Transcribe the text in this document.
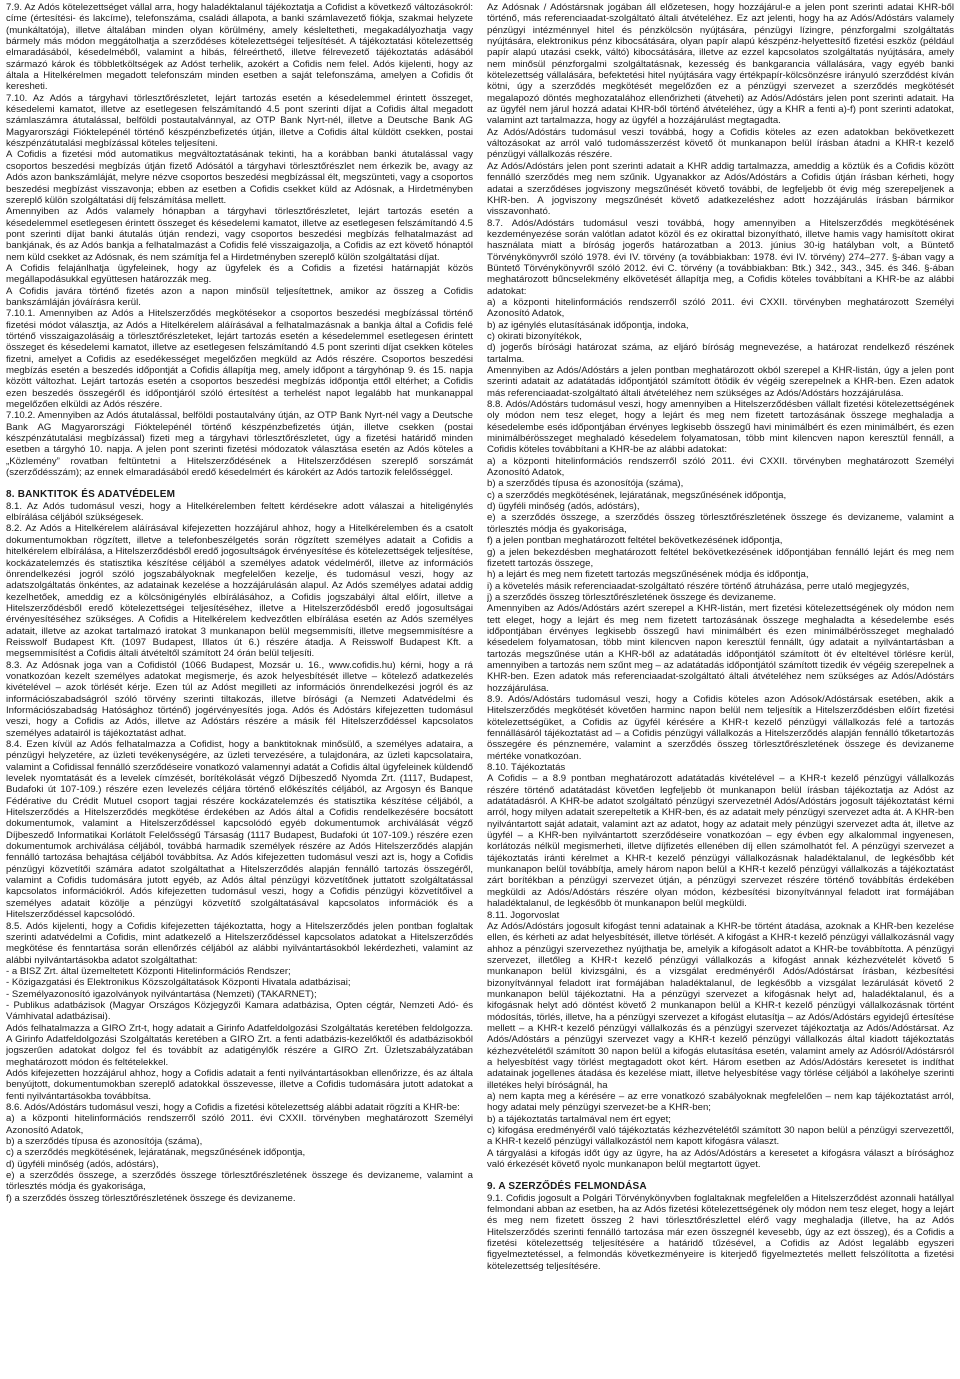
7.9. Az Adós kötelezettséget vállal arra, hogy haladéktalanul tájékoztatja a Cofidist a következő változásokról: címe (értesítési- és lakcíme), telefonszáma, családi állapota, a banki számlavezető fiókja, szakmai helyzete (munkáltatója), illetve általában minden olyan körülmény, amely késleltetheti, megakadályozhatja vagy bármely más módon meggátolhatja a szerződéses kötelezettségei teljesítését. A tájékoztatási kötelezettség elmaradásából, késedelméből, valamint a hibás, félreérthető, illetve félrevezető tájékoztatás adásából származó károk és többletköltségek az Adóst terhelik, azokért a Cofidis nem felel. Adós kijelenti, hogy az általa a Hitelkérelmen megadott telefonszám minden esetben a saját telefonszáma, amelyen a Cofidis őt keresheti.

7.10. Az Adós a tárgyhavi törlesztőrészletet, lejárt tartozás esetén a késedelemmel érintett összeget, késedelemi kamatot, illetve az esetlegesen felszámítandó 4.5 pont szerinti díjat a Cofidis által megadott számlaszámra átutalással, belföldi postautalvánnyal, az OTP Bank Nyrt-nél, illetve a Deutsche Bank AG Magyarországi Fióktelepénél történő készpénzbefizetés útján, illetve a Cofidis által küldött csekken, postai készpénzátutalási megbízással köteles teljesíteni.
A Cofidis a fizetési mód automatikus megváltoztatásának tekinti, ha a korábban banki átutalással vagy csoportos beszedési megbízás útján fizető Adósától a tárgyhavi törlesztőrészlet nem érkezik be, avagy az Adós azon bankszámláját, melyre nézve csoportos beszedési megbízással élt, megszünteti, vagy a csoportos beszedési megbízást visszavonja; ebben az esetben a Cofidis csekket küld az Adósnak, a Hirdetményben szereplő külön szolgáltatási díj felszámítása mellett.
Amennyiben az Adós valamely hónapban a tárgyhavi törlesztőrészletet, lejárt tartozás esetén a késedelemmel esetlegesen érintett összeget és késedelemi kamatot, illetve az esetlegesen felszámítandó 4.5 pont szerinti díjat banki átutalás útján rendezi, vagy csoportos beszedési megbízás felhatalmazást ad bankjának, és az Adós bankja a felhatalmazást a Cofidis felé visszaigazolja, a Cofidis az ezt követő hónaptól nem küld csekket az Adósnak, és nem számítja fel a Hirdetményben szereplő külön szolgáltatási díjat.
A Cofidis felajánlhatja ügyfeleinek, hogy az ügyfelek és a Cofidis a fizetési határnapját közös megállapodásukkal együttesen határozzák meg.
A Cofidis javára történő fizetés azon a napon minősül teljesítettnek, amikor az összeg a Cofidis bankszámláján jóváírásra kerül.

7.10.1. Amennyiben az Adós a Hitelszerződés megkötésekor a csoportos beszedési megbízással történő fizetési módot választja, az Adós a Hitelkérelem aláírásával a felhatalmazásnak a bankja által a Cofidis felé történő visszaigazolásáig a törlesztőrészleteket, lejárt tartozás esetén a késedelemmel esetlegesen érintett összeget és késedelemi kamatot, illetve az esetlegesen felszámítandó 4.5 pont szerinti díjat csekken köteles fizetni, amelyet a Cofidis az esedékességet megelőzően megküld az Adós részére. Csoportos beszedési megbízás esetén a beszedés időpontját a Cofidis állapítja meg, amely időpont a tárgyhónap 9. és 15. napja között változhat. Lejárt tartozás esetén a csoportos beszedési megbízás időpontja ettől eltérhet; a Cofidis ezen beszedés összegéről és időpontjáról szóló értesítést a terhelést napot legalább hat munkanappal megelőzően elküldi az Adós részére.

7.10.2. Amennyiben az Adós átutalással, belföldi postautalvány útján, az OTP Bank Nyrt-nél vagy a Deutsche Bank AG Magyarországi Fióktelepénél történő készpénzbefizetés útján, illetve csekken (postai készpénzátutalási megbízással) fizeti meg a tárgyhavi törlesztőrészletet, úgy a fizetési határidő minden esetben a tárgyhó 10. napja. A jelen pont szerinti fizetési módozatok választása esetén az Adós köteles a „Közlemény” rovatban feltüntetni a Hitelszerződésének a Hitelszerződésen szereplő sorszámát (szerződésszám); az ennek elmaradásából eredő késedelmért és károkért az Adós tartozik felelősséggel.

8. BANKTITOK ÉS ADATVÉDELEM

8.1. Az Adós tudomásul veszi, hogy a Hitelkérelemben feltett kérdésekre adott válaszai a hiteligénylés elbírálása céljából szükségesek.

8.2. Az Adós a Hitelkérelem aláírásával kifejezetten hozzájárul ahhoz, hogy a Hitelkérelemben és a csatolt dokumentumokban rögzített, illetve a telefonbeszélgetés során rögzített személyes adatait a Cofidis a hitelkérelem elbírálása, a Hitelszerződésből eredő jogosultságok érvényesítése és kötelezettségek teljesítése, kockázatelemzés és statisztika készítése céljából a személyes adatok védelméről, illetve az információs önrendelkezési jogról szóló jogszabályoknak megfelelően kezelje, és tudomásul veszi, hogy az adatszolgáltatás önkéntes, az adatainak kezelése a hozzájárulásán alapul. Az Adós személyes adatai addig kezelhetőek, ameddig ez a kölcsönigénylés elbírálásához, a Cofidis jogszabályi által előírt, illetve a Hitelszerződésből eredő kötelezettségei teljesítéséhez, illetve a Hitelszerződésből eredő jogosultságai érvényesítéséhez szükséges. A Cofidis a Hitelkérelem kedvezőtlen elbírálása esetén az Adós személyes adatait, illetve az azokat tartalmazó iratokat 3 munkanapon belül megsemmisíti, illetve megsemmisítésre a Reisswolf Budapest Kft. (1097 Budapest, Illatos út 6.) részére átadja. A Reisswolf Budapest Kft. a megsemmisítést a Cofidis általi átvételtől számított 24 órán belül teljesíti.

8.3. Az Adósnak joga van a Cofidistól (1066 Budapest, Mozsár u. 16., www.cofidis.hu) kérni, hogy a rá vonatkozóan kezelt személyes adatokat megismerje, és azok helyesbítését illetve – kötelező adatkezelés kivételével – azok törlését kérje. Ezen túl az Adóst megilleti az információs önrendelkezési jogról és az információszabadságról szóló törvény szerinti tiltakozás, illetve bírósági (a Nemzeti Adatvédelmi és Információszabadság Hatósághoz történő) jogérvényesítés joga. Adós és Adóstárs kifejezetten tudomásul veszi, hogy a Cofidis az Adós, illetve az Adóstárs részére a másik fél Hitelszerződéssel kapcsolatos személyes adatairól is tájékoztatást adhat.

8.4. Ezen kívül az Adós felhatalmazza a Cofidist, hogy a banktitoknak minősülő, a személyes adataira, a pénzügyi helyzetére, az üzleti tevékenységére, az üzleti tervezésére, a tulajdonára, az üzleti kapcsolataira, valamint a Cofidissal fennálló szerződéseire vonatkozó valamennyi adatát a Cofidis által ügyfeleinek küldendő levelek nyomtatását és a levelek címzését, borítékolását végző Díjbeszedő Nyomda Zrt. (1117, Budapest, Budafoki út 107-109.) részére ezen levelezés céljára történő előkészítés céljából, az Argosyn és Banque Fédérative du Crédit Mutuel csoport tagjai részére kockázatelemzés és statisztika készítése céljából, a Hitelszerződés a Hitelszerződés megkötése érdekében az Adós által a Cofidis rendelkezésére bocsátott dokumentumok, valamint a Hitelszerződéssel kapcsolódó egyéb dokumentumok archiválását végző Díjbeszedő Informatikai Korlátolt Felelősségű Társaság (1117 Budapest, Budafoki út 107-109.) részére ezen dokumentumok archiválása céljából, továbbá harmadik személyek részére az Adós Hitelszerződés alapján fennálló tartozása behajtása céljából továbbítsa. Az Adós kifejezetten tudomásul veszi azt is, hogy a Cofidis pénzügyi közvetítői számára adatot szolgáltathat a Hitelszerződés alapján fennálló tartozás összegéről, valamint a Cofidis tudomására jutott egyéb, az Adós által pénzügyi közvetítőnek juttatott szolgáltatással kapcsolatos információkról. Adós kifejezetten tudomásul veszi, hogy a Cofidis pénzügyi közvetítőivel a személyes adatait közölje a pénzügyi közvetítő szolgáltatásával kapcsolatos információk és a Hitelszerződéssel kapcsolódó.

8.5. Adós kijelenti, hogy a Cofidis kifejezetten tájékoztatta, hogy a Hitelszerződés jelen pontban foglaltak szerinti adatvédelmi a Cofidis, mint adatkezelő a Hitelszerződéssel kapcsolatos adatokat a Hitelszerződés megkötése és fenntartása során ellenőrzés céljából az alábbi nyilvántartásokból lekérdezheti, valamint az alábbi nyilvántartásokba adatot szolgáltathat:
- a BISZ Zrt. által üzemeltetett Központi Hitelinformációs Rendszer;
- Közigazgatási és Elektronikus Közszolgáltatások Központi Hivatala adatbázisai;
- Személyazonosító igazolványok nyilvántartása (Nemzeti) (TAKARNET);
- Publikus adatbázisok (Magyar Országos Közjegyzői Kamara adatbázisa, Opten cégtár, Nemzeti Adó- és Vámhivatal adatbázisai).
Adós felhatalmazza a GIRO Zrt-t, hogy adatait a Girinfo Adatfeldolgozási Szolgáltatás keretében feldolgozza. A Girinfo Adatfeldolgozási Szolgáltatás keretében a GIRO Zrt. a fenti adatbázis-kezelőktől és adatbázisokból jogszerűen adatokat dolgoz fel és továbbít az adatigénylők részére a GIRO Zrt. Üzletszabályzatában meghatározott módon és feltételekkel.
Adós kifejezetten hozzájárul ahhoz, hogy a Cofidis adatait a fenti nyilvántartásokban ellenőrizze, és az általa benyújtott, dokumentumokban szereplő adatokkal összevesse, illetve a Cofidis tudomására jutott adatokat a fenti nyilvántartásokba továbbítsa.

8.6. Adós/Adóstárs tudomásul veszi, hogy a Cofidis a fizetési kötelezettség alábbi adatait rögzíti a KHR-be:
a) a központi hitelinformációs rendszerről szóló 2011. évi CXXII. törvényben meghatározott Személyi Azonosító Adatok,
b) a szerződés típusa és azonosítója (száma),
c) a szerződés megkötésének, lejáratának, megszűnésének időpontja,
d) ügyféli minőség (adós, adóstárs),
e) a szerződés összege, a szerződés összege törlesztőrészletének összege és devizaneme, valamint a törlesztés módja és gyakorisága,
f) a szerződés összeg törlesztőrészletének összege és devizaneme.

Az Adósnak / Adóstársnak jogában áll előzetesen, hogy hozzájárul-e a jelen pont szerinti adatai KHR-ből történő, más referenciaadat-szolgáltató általi átvételéhez. Ez azt jelenti, hogy ha az Adós/Adóstárs valamely pénzügyi intézménnyel hitel és pénzkölcsön nyújtására, pénzügyi lízingre, pénzforgalmi szolgáltatás nyújtására, elektronikus pénz kibocsátására, olyan papír alapú készpénz-helyettesítő fizetési eszköz (például papír alapú utazási csekk, váltó) kibocsátására, illetve az ezzel kapcsolatos szolgáltatás nyújtására, amely nem minősül pénzforgalmi szolgáltatásnak, kezesség és bankgarancia vállalására, vagy egyéb banki kötelezettség vállalására, befektetési hitel nyújtására vagy értékpapír-kölcsönzésre irányuló szerződést kíván kötni, úgy a szerződés megkötését megelőzően ez a pénzügyi szervezet a szerződés megkötését megalapozó döntés meghozatalához ellenőrizheti (átveheti) az Adós/Adóstárs jelen pont szerinti adatait. Ha az ügyfél nem járul hozzá adatai KHR-ből történő átvételéhez, úgy a KHR a fenti a)-f) pont szerinti adatokat, valamint azt tartalmazza, hogy az ügyfél a hozzájárulást megtagadta.
Az Adós/Adóstárs tudomásul veszi továbbá, hogy a Cofidis köteles az ezen adatokban bekövetkezett változásokat az arról való tudomásszerzést követő öt munkanapon belül írásban átadni a KHR-t kezelő pénzügyi vállalkozás részére.
Az Adós/Adóstárs jelen pont szerinti adatait a KHR addig tartalmazza, ameddig a köztük és a Cofidis között fennálló szerződés meg nem szűnik. Ugyanakkor az Adós/Adóstárs a Cofidis útján írásban kérheti, hogy adatai a szerződéses jogviszony megszűnését követő további, de legfeljebb öt évig még szerepeljenek a KHR-ben. A jogviszony megszűnését követő adatkezeléshez adott hozzájárulás írásban bármikor visszavonható.

8.7. Adós/Adóstárs tudomásul veszi továbbá, hogy amennyiben a Hitelszerződés megkötésének kezdeményezése során valótlan adatot közöl és ez okirattal bizonyítható, illetve hamis vagy hamisított okirat használata miatt a bíróság jogerős határozatban a 2013. június 30-ig hatályban volt, a Büntető Törvénykönyvről szóló 1978. évi IV. törvény (a továbbiakban: 1978. évi IV. törvény) 274–277. §-ában vagy a Büntető Törvénykönyvről szóló 2012. évi C. törvény (a továbbiakban: Btk.) 342., 343., 345. és 346. §-ában meghatározott bűncselekmény elkövetését állapítja meg, a Cofidis köteles továbbítani a KHR-be az alábbi adatokat:
a) a központi hitelinformációs rendszerről szóló 2011. évi CXXII. törvényben meghatározott Személyi Azonosító Adatok,
b) az igénylés elutasításának időpontja, indoka,
c) okirati bizonyítékok,
d) jogerős bírósági határozat száma, az eljáró bíróság megnevezése, a határozat rendelkező részének tartalma.
Amennyiben az Adós/Adóstárs a jelen pontban meghatározott okból szerepel a KHR-listán, úgy a jelen pont szerinti adatait az adatátadás időpontjától számított ötödik év végéig szerepelnek a KHR-ben. Ezen adatok más referenciaadat-szolgáltató általi átvételéhez nem szükséges az Adós/Adóstárs hozzájárulása.

8.8. Adós/Adóstárs tudomásul veszi, hogy amennyiben a Hitelszerződésben vállalt fizetési kötelezettségének oly módon nem tesz eleget, hogy a lejárt és meg nem fizetett tartozásának összege meghaladja a késedelembe esés időpontjában érvényes legkisebb összegű havi minimálbért és ezen minimálbért, és ezen minimálbérösszeget meghaladó késedelem folyamatosan, több mint kilencven napon keresztül fennáll, a Cofidis köteles továbbítani a KHR-be az alábbi adatokat:
a) a központi hitelinformációs rendszerről szóló 2011. évi CXXII. törvényben meghatározott Személyi Azonosító Adatok,
b) a szerződés típusa és azonosítója (száma),
c) a szerződés megkötésének, lejáratának, megszűnésének időpontja,
d) ügyféli minőség (adós, adóstárs),
e) a szerződés összege, a szerződés összeg törlesztőrészletének összege és devizaneme, valamint a törlesztés módja és gyakorisága,
f) a jelen pontban meghatározott feltétel bekövetkezésének időpontja,
g) a jelen bekezdésben meghatározott feltétel bekövetkezésének időpontjában fennálló lejárt és meg nem fizetett tartozás összege,
h) a lejárt és meg nem fizetett tartozás megszűnésének módja és időpontja,
i) a követelés másik referenciaadat-szolgáltató részére történő átruházása, perre utaló megjegyzés,
j) a szerződés összeg törlesztőrészletének összege és devizaneme.
Amennyiben az Adós/Adóstárs azért szerepel a KHR-listán, mert fizetési kötelezettségének oly módon nem tett eleget, hogy a lejárt és meg nem fizetett tartozásának összege meghaladta a késedelembe esés időpontjában érvényes legkisebb összegű havi minimálbért és ezen minimálbérösszeget meghaladó késedelem folyamatosan, több mint kilencven napon keresztül fennállt, úgy adatait a nyilvántartásban a tartozás megszűnése után a KHR-ből az adatátadás időpontjától számított öt év elteltével törlésre kerül, amennyiben a tartozás nem szűnt meg – az adatátadás időpontjától számított tizedik év végéig szerepelnek a KHR-ben. Ezen adatok más referenciaadat-szolgáltató általi átvételéhez nem szükséges az Adós/Adóstárs hozzájárulása.

8.9. Adós/Adóstárs tudomásul veszi, hogy a Cofidis köteles azon Adósok/Adóstársak esetében, akik a Hitelszerződés megkötését követően harminc napon belül nem teljesítik a Hitelszerződésben előírt fizetési kötelezettségüket, a Cofidis az ügyfél kérésére a KHR-t kezelő pénzügyi vállalkozás felé a tartozás fennállásáról tájékoztatást ad – a Cofidis pénzügyi vállalkozás a Hitelszerződés alapján fennálló tőketartozás összegére és pénznemére, valamint a szerződés összeg törlesztőrészletének összege és devizaneme mértéke vonatkozóan.

8.10. Tájékoztatás
A Cofidis – a 8.9 pontban meghatározott adatátadás kivételével – a KHR-t kezelő pénzügyi vállalkozás részére történő adatátadást követően legfeljebb öt munkanapon belül írásban tájékoztatja az Adóst az adatátadásról. A KHR-be adatot szolgáltató pénzügyi szervezetnél Adós/Adóstárs jogosult tájékoztatást kérni arról, hogy milyen adatait szerepeltetik a KHR-ben, és az adatait mely pénzügyi szervezet adta át. A KHR-ben nyilvántartott saját adatait, valamint azt az adatot, hogy az adatait mely pénzügyi szervezet adta át, illetve az ügyfél – a KHR-ben nyilvántartott szerződéseire vonatkozóan – egy évben egy alkalommal ingyenesen, korlátozás nélkül megismerheti, illetve díjfizetés ellenében díj ellen számolhatót fel. A pénzügyi szervezet a tájékoztatás iránti kérelmet a KHR-t kezelő pénzügyi vállalkozásnak haladéktalanul, de legkésőbb két munkanapon belül továbbítja, amely három napon belül a KHR-t kezelő pénzügyi vállalkozás a tájékoztatást zárt borítékban a pénzügyi szervezet útján, a pénzügyi szervezet részére történő továbbítás érdekében megküldi az Adós/Adóstárs részére olyan módon, kézbesítési bizonyítvánnyal feladott irat formájában haladéktalanul, de legkésőbb öt munkanapon belül megküldi.

8.11. Jogorvoslat
Az Adós/Adóstárs jogosult kifogást tenni adatainak a KHR-be történt átadása, azoknak a KHR-ben kezelése ellen, és kérheti az adat helyesbítését, illetve törlését. A kifogást a KHR-t kezelő pénzügyi vállalkozásnál vagy ahhoz a pénzügyi szervezethez nyújthatja be, amelyik a kifogásolt adatot a KHR-be továbbította. A pénzügyi szervezet, illetőleg a KHR-t kezelő pénzügyi vállalkozás a kifogást annak kézhezvételét követő 5 munkanapon belül kivizsgálni, és a vizsgálat eredményéről Adós/Adóstársat írásban, kézbesítési bizonyítvánnyal feladott irat formájában haladéktalanul, de legkésőbb a vizsgálat lezárulását követő 2 munkanapon belül tájékoztatni. Ha a pénzügyi szervezet a kifogásnak helyt ad, haladéktalanul, és a kifogásnak helyt adó döntést követő 2 munkanapon belül a KHR-t kezelő pénzügyi vállalkozásnak történt módosítás, törlés, illetve, ha a pénzügyi szervezet a kifogást elutasítja – az Adós/Adóstárs egyidejű értesítése mellett – a KHR-t kezelő pénzügyi vállalkozás és a pénzügyi szervezet tájékoztatja az Adós/Adóstársat. Az Adós/Adóstárs a pénzügyi szervezet vagy a KHR-t kezelő pénzügyi vállalkozás által kiadott tájékoztatás kézhezvételétől számított 30 napon belül a kifogás elutasítása esetén, valamint amely az Adósról/Adóstársról a helyesbítést vagy törlést megtagadott okot kért. Három esetben az Adós/Adóstárs keresetet is indíthat adatainak jogellenes átadása és kezelése miatt, illetve helyesbítése vagy törlése céljából a lakóhelye szerinti illetékes helyi bíróságnál, ha
a) nem kapta meg a kérésére – az erre vonatkozó szabályoknak megfelelően – nem kap tájékoztatást arról, hogy adatai mely pénzügyi szervezet-be a KHR-ben;
b) a tájékoztatás tartalmával nem ért egyet;
c) kifogása eredményéről való tájékoztatás kézhezvételétől számított 30 napon belül a pénzügyi szervezettől, a KHR-t kezelő pénzügyi vállalkozástól nem kapott kifogásra választ.
A tárgyalási a kifogás időt úgy az ügyre, ha az Adós/Adóstárs a keresetet a kifogásra választ a bírósághoz való érkezését követő nyolc munkanapon belül megtartott ügyet.

9. A SZERZŐDÉS FELMONDÁSA

9.1. Cofidis jogosult a Polgári Törvénykönyvben foglaltaknak megfelelően a Hitelszerződést azonnali hatállyal felmondani abban az esetben, ha az Adós fizetési kötelezettségének oly módon nem tesz eleget, hogy a lejárt és meg nem fizetett összeg 2 havi törlesztőrészlettel elérő vagy meghaladja (illetve, ha az Adós Hitelszerződés szerinti fennálló tartozása már ezen összegnél kevesebb, úgy az ezt összeg), és a Cofidis a fizetési kötelezettség teljesítésére a határidő tűzésével, a Cofidis az Adóst legalább egyszeri figyelmeztetéssel, a felmondás következményeire is kiterjedő figyelmeztetés mellett felszólította a fizetési kötelezettség teljesítésére.
